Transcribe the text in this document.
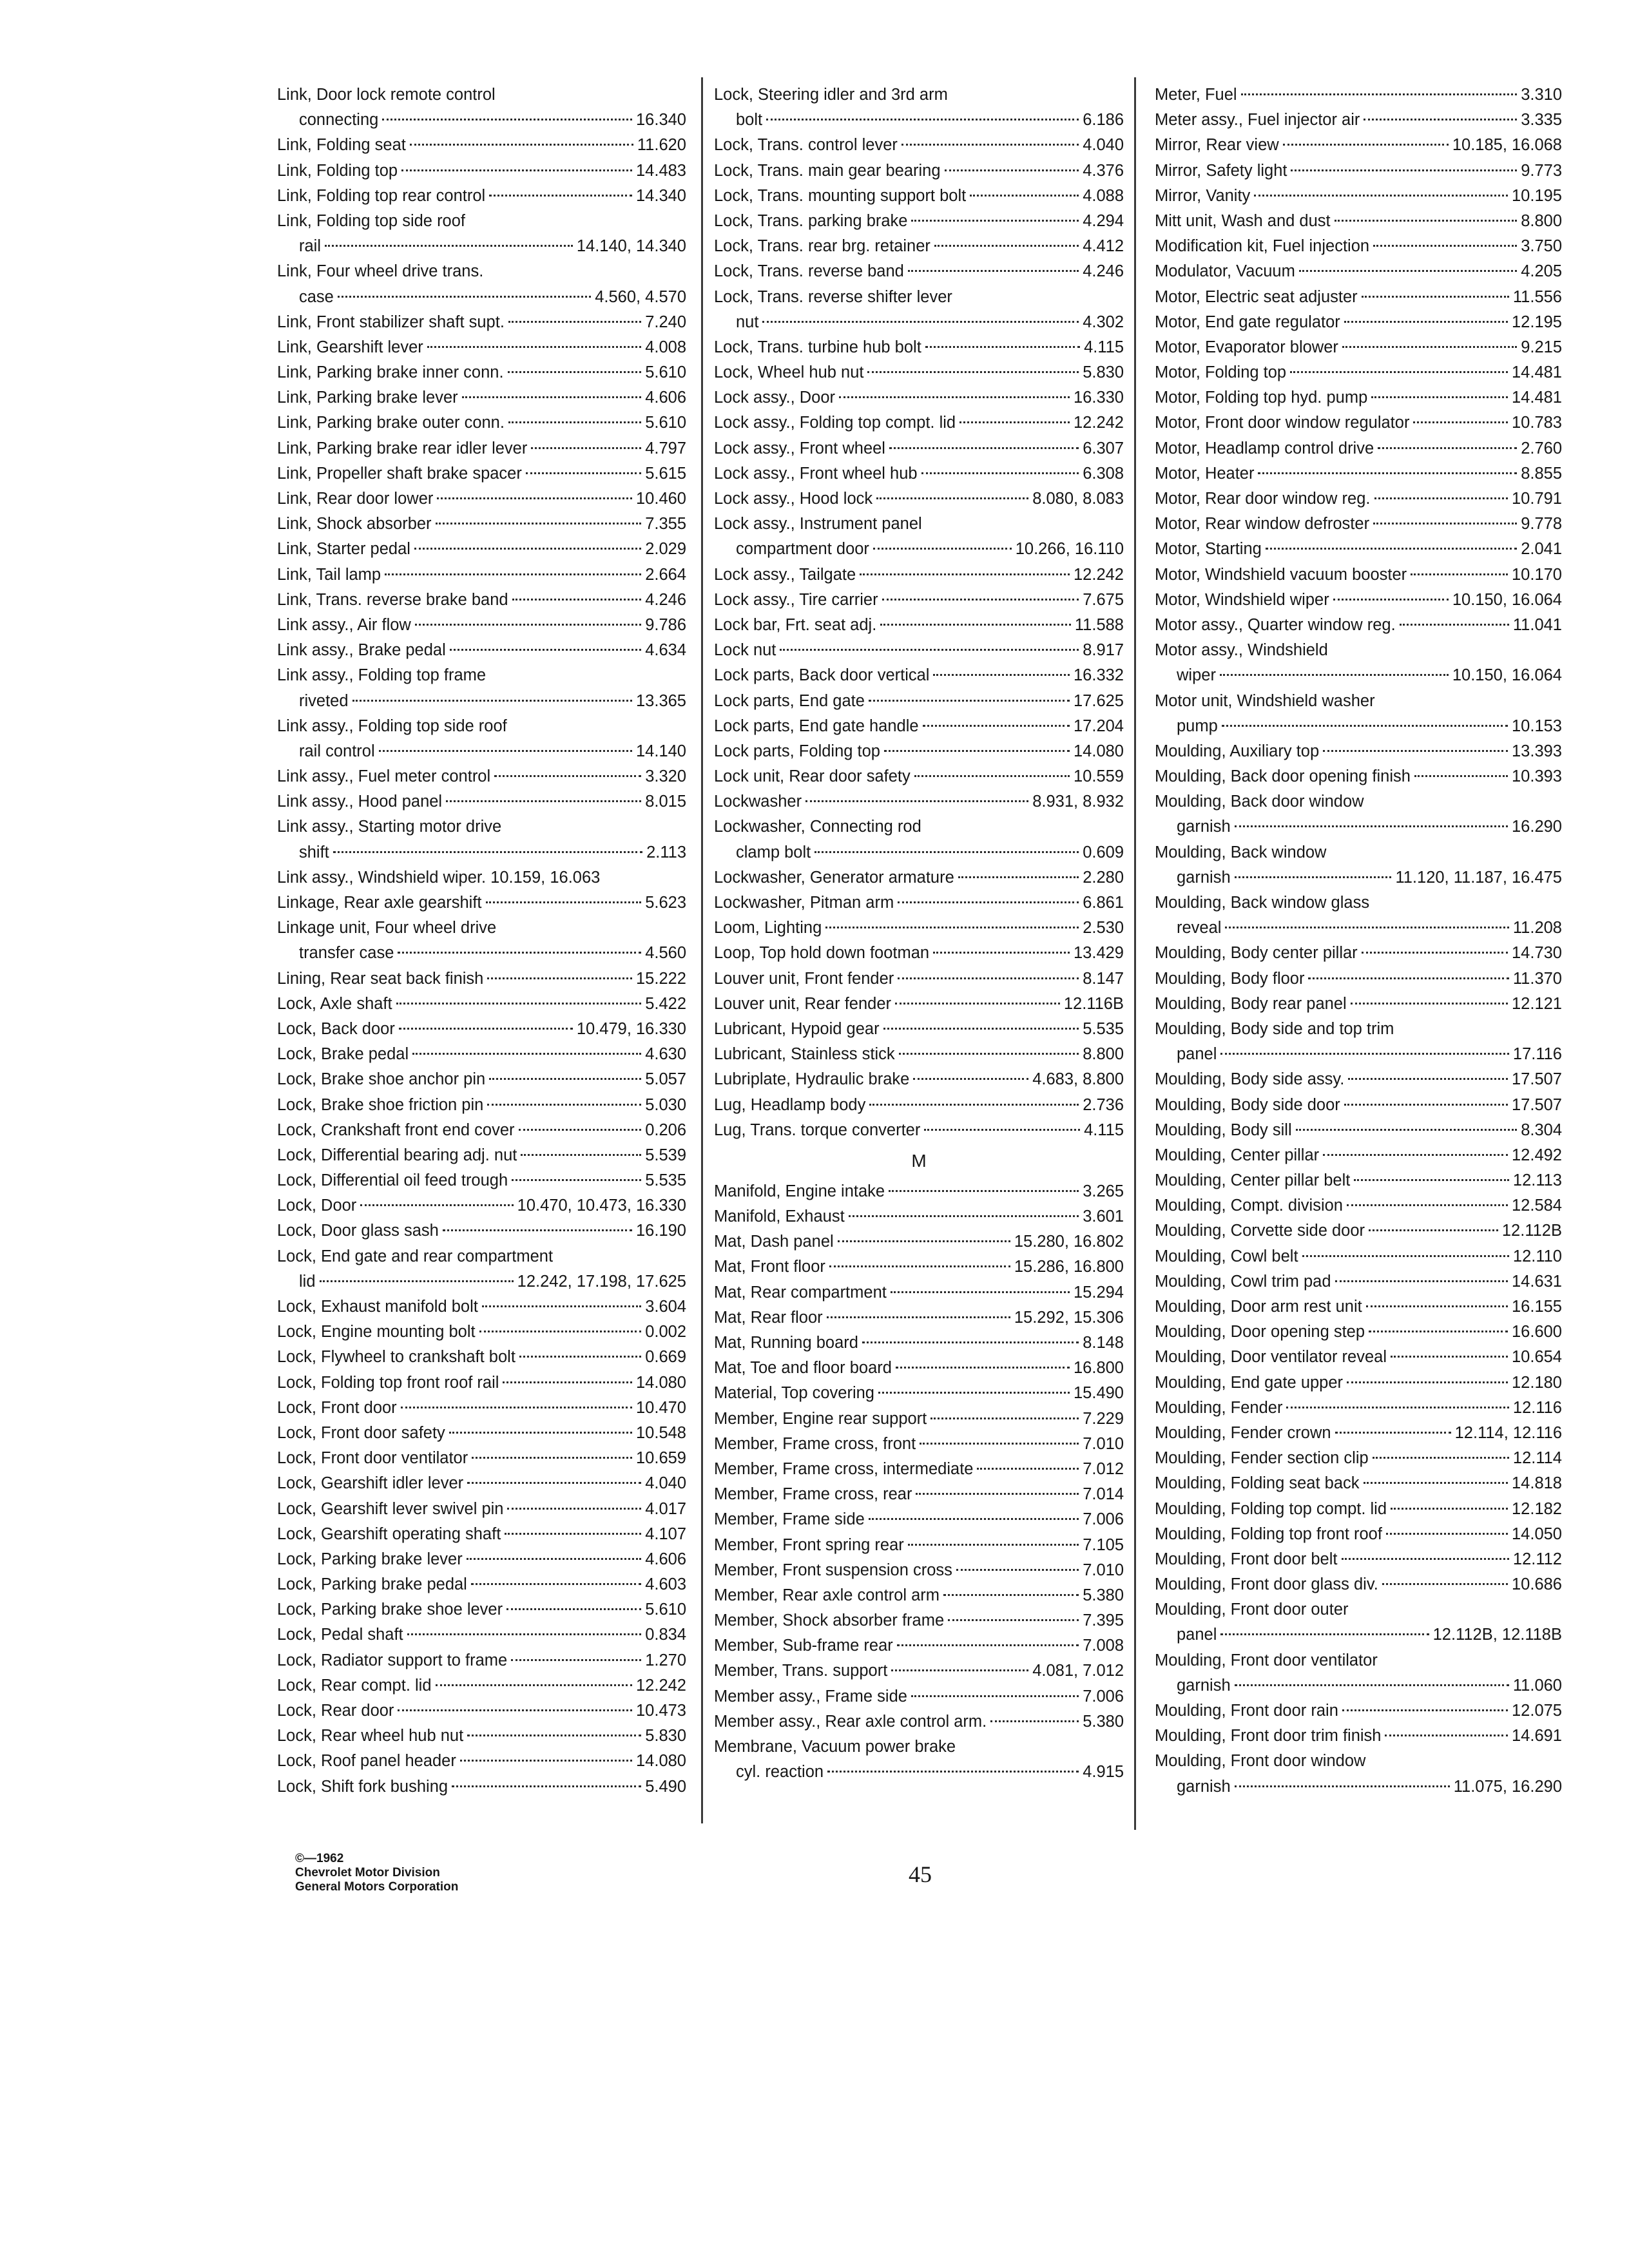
Link, Door lock remote control
connecting	16.340
Link, Folding seat	11.620
Link, Folding top	14.483
Link, Folding top rear control	14.340
Link, Folding top side roof
rail	14.140, 14.340
Link, Four wheel drive trans.
case	4.560, 4.570
Link, Front stabilizer shaft supt.	7.240
Link, Gearshift lever	4.008
Link, Parking brake inner conn.	5.610
Link, Parking brake lever	4.606
Link, Parking brake outer conn.	5.610
Link, Parking brake rear idler lever	4.797
Link, Propeller shaft brake spacer	5.615
Link, Rear door lower	10.460
Link, Shock absorber	7.355
Link, Starter pedal	2.029
Link, Tail lamp	2.664
Link, Trans. reverse brake band	4.246
Link assy., Air flow	9.786
Link assy., Brake pedal	4.634
Link assy., Folding top frame
riveted	13.365
Link assy., Folding top side roof
rail control	14.140
Link assy., Fuel meter control	3.320
Link assy., Hood panel	8.015
Link assy., Starting motor drive
shift	2.113
Link assy., Windshield wiper. 10.159, 16.063
Linkage, Rear axle gearshift	5.623
Linkage unit, Four wheel drive
transfer case	4.560
Lining, Rear seat back finish	15.222
Lock, Axle shaft	5.422
Lock, Back door	10.479, 16.330
Lock, Brake pedal	4.630
Lock, Brake shoe anchor pin	5.057
Lock, Brake shoe friction pin	5.030
Lock, Crankshaft front end cover	0.206
Lock, Differential bearing adj. nut	5.539
Lock, Differential oil feed trough	5.535
Lock, Door	10.470, 10.473, 16.330
Lock, Door glass sash	16.190
Lock, End gate and rear compartment
lid	12.242, 17.198, 17.625
Lock, Exhaust manifold bolt	3.604
Lock, Engine mounting bolt	0.002
Lock, Flywheel to crankshaft bolt	0.669
Lock, Folding top front roof rail	14.080
Lock, Front door	10.470
Lock, Front door safety	10.548
Lock, Front door ventilator	10.659
Lock, Gearshift idler lever	4.040
Lock, Gearshift lever swivel pin	4.017
Lock, Gearshift operating shaft	4.107
Lock, Parking brake lever	4.606
Lock, Parking brake pedal	4.603
Lock, Parking brake shoe lever	5.610
Lock, Pedal shaft	0.834
Lock, Radiator support to frame	1.270
Lock, Rear compt. lid	12.242
Lock, Rear door	10.473
Lock, Rear wheel hub nut	5.830
Lock, Roof panel header	14.080
Lock, Shift fork bushing	5.490
Lock, Steering idler and 3rd arm
bolt	6.186
Lock, Trans. control lever	4.040
Lock, Trans. main gear bearing	4.376
Lock, Trans. mounting support bolt	4.088
Lock, Trans. parking brake	4.294
Lock, Trans. rear brg. retainer	4.412
Lock, Trans. reverse band	4.246
Lock, Trans. reverse shifter lever
nut	4.302
Lock, Trans. turbine hub bolt	4.115
Lock, Wheel hub nut	5.830
Lock assy., Door	16.330
Lock assy., Folding top compt. lid	12.242
Lock assy., Front wheel	6.307
Lock assy., Front wheel hub	6.308
Lock assy., Hood lock	8.080, 8.083
Lock assy., Instrument panel
compartment door	10.266, 16.110
Lock assy., Tailgate	12.242
Lock assy., Tire carrier	7.675
Lock bar, Frt. seat adj.	11.588
Lock nut	8.917
Lock parts, Back door vertical	16.332
Lock parts, End gate	17.625
Lock parts, End gate handle	17.204
Lock parts, Folding top	14.080
Lock unit, Rear door safety	10.559
Lockwasher	8.931, 8.932
Lockwasher, Connecting rod
clamp bolt	0.609
Lockwasher, Generator armature	2.280
Lockwasher, Pitman arm	6.861
Loom, Lighting	2.530
Loop, Top hold down footman	13.429
Louver unit, Front fender	8.147
Louver unit, Rear fender	12.116B
Lubricant, Hypoid gear	5.535
Lubricant, Stainless stick	8.800
Lubriplate, Hydraulic brake	4.683, 8.800
Lug, Headlamp body	2.736
Lug, Trans. torque converter	4.115
M
Manifold, Engine intake	3.265
Manifold, Exhaust	3.601
Mat, Dash panel	15.280, 16.802
Mat, Front floor	15.286, 16.800
Mat, Rear compartment	15.294
Mat, Rear floor	15.292, 15.306
Mat, Running board	8.148
Mat, Toe and floor board	16.800
Material, Top covering	15.490
Member, Engine rear support	7.229
Member, Frame cross, front	7.010
Member, Frame cross, intermediate	7.012
Member, Frame cross, rear	7.014
Member, Frame side	7.006
Member, Front spring rear	7.105
Member, Front suspension cross	7.010
Member, Rear axle control arm	5.380
Member, Shock absorber frame	7.395
Member, Sub-frame rear	7.008
Member, Trans. support	4.081, 7.012
Member assy., Frame side	7.006
Member assy., Rear axle control arm.	5.380
Membrane, Vacuum power brake
cyl. reaction	4.915
Meter, Fuel	3.310
Meter assy., Fuel injector air	3.335
Mirror, Rear view	10.185, 16.068
Mirror, Safety light	9.773
Mirror, Vanity	10.195
Mitt unit, Wash and dust	8.800
Modification kit, Fuel injection	3.750
Modulator, Vacuum	4.205
Motor, Electric seat adjuster	11.556
Motor, End gate regulator	12.195
Motor, Evaporator blower	9.215
Motor, Folding top	14.481
Motor, Folding top hyd. pump	14.481
Motor, Front door window regulator	10.783
Motor, Headlamp control drive	2.760
Motor, Heater	8.855
Motor, Rear door window reg.	10.791
Motor, Rear window defroster	9.778
Motor, Starting	2.041
Motor, Windshield vacuum booster	10.170
Motor, Windshield wiper	10.150, 16.064
Motor assy., Quarter window reg.	11.041
Motor assy., Windshield
wiper	10.150, 16.064
Motor unit, Windshield washer
pump	10.153
Moulding, Auxiliary top	13.393
Moulding, Back door opening finish	10.393
Moulding, Back door window
garnish	16.290
Moulding, Back window
garnish	11.120, 11.187, 16.475
Moulding, Back window glass
reveal	11.208
Moulding, Body center pillar	14.730
Moulding, Body floor	11.370
Moulding, Body rear panel	12.121
Moulding, Body side and top trim
panel	17.116
Moulding, Body side assy.	17.507
Moulding, Body side door	17.507
Moulding, Body sill	8.304
Moulding, Center pillar	12.492
Moulding, Center pillar belt	12.113
Moulding, Compt. division	12.584
Moulding, Corvette side door	12.112B
Moulding, Cowl belt	12.110
Moulding, Cowl trim pad	14.631
Moulding, Door arm rest unit	16.155
Moulding, Door opening step	16.600
Moulding, Door ventilator reveal	10.654
Moulding, End gate upper	12.180
Moulding, Fender	12.116
Moulding, Fender crown	12.114, 12.116
Moulding, Fender section clip	12.114
Moulding, Folding seat back	14.818
Moulding, Folding top compt. lid	12.182
Moulding, Folding top front roof	14.050
Moulding, Front door belt	12.112
Moulding, Front door glass div.	10.686
Moulding, Front door outer
panel	12.112B, 12.118B
Moulding, Front door ventilator
garnish	11.060
Moulding, Front door rain	12.075
Moulding, Front door trim finish	14.691
Moulding, Front door window
garnish	11.075, 16.290
©—1962
Chevrolet Motor Division
General Motors Corporation	45
